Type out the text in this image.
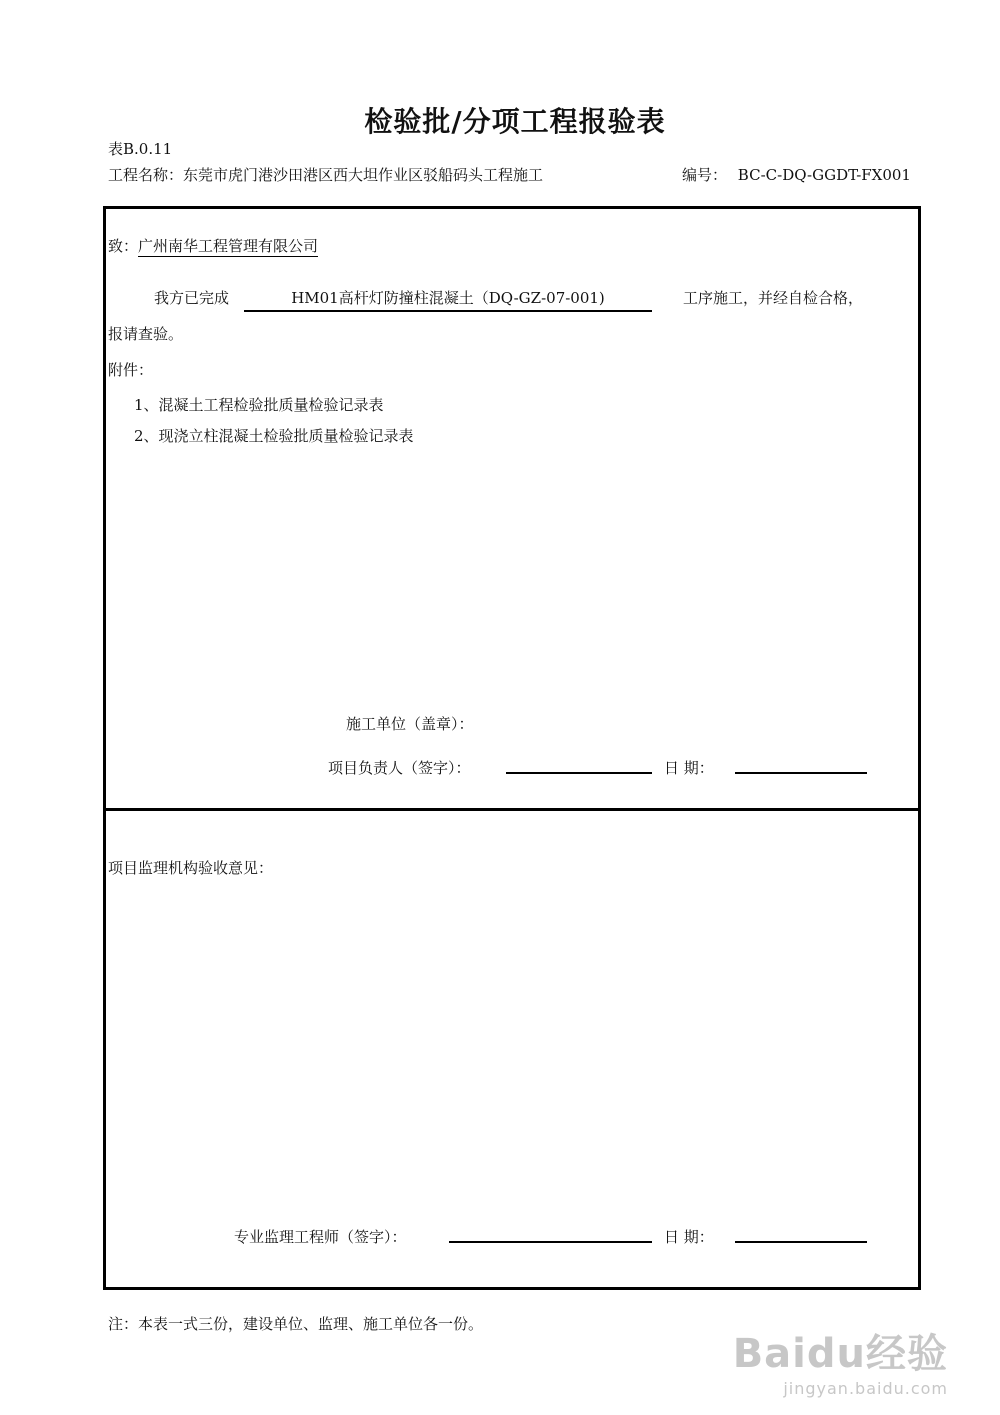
检验批/分项工程报验表
表B.0.11
工程名称：东莞市虎门港沙田港区西大坦作业区驳船码头工程施工	编号： BC-C-DQ-GGDT-FX001
致：广州南华工程管理有限公司
我方已完成	HM01高杆灯防撞柱混凝土（DQ-GZ-07-001)	工序施工，并经自检合格，
报请查验。
附件：
1、混凝土工程检验批质量检验记录表
2、现浇立柱混凝土检验批质量检验记录表
施工单位（盖章）：
项目负责人（签字）：	日 期：
项目监理机构验收意见：
专业监理工程师（签字）：	日 期：
注：本表一式三份，建设单位、监理、施工单位各一份。
Baidu经验
jingyan.baidu.com
